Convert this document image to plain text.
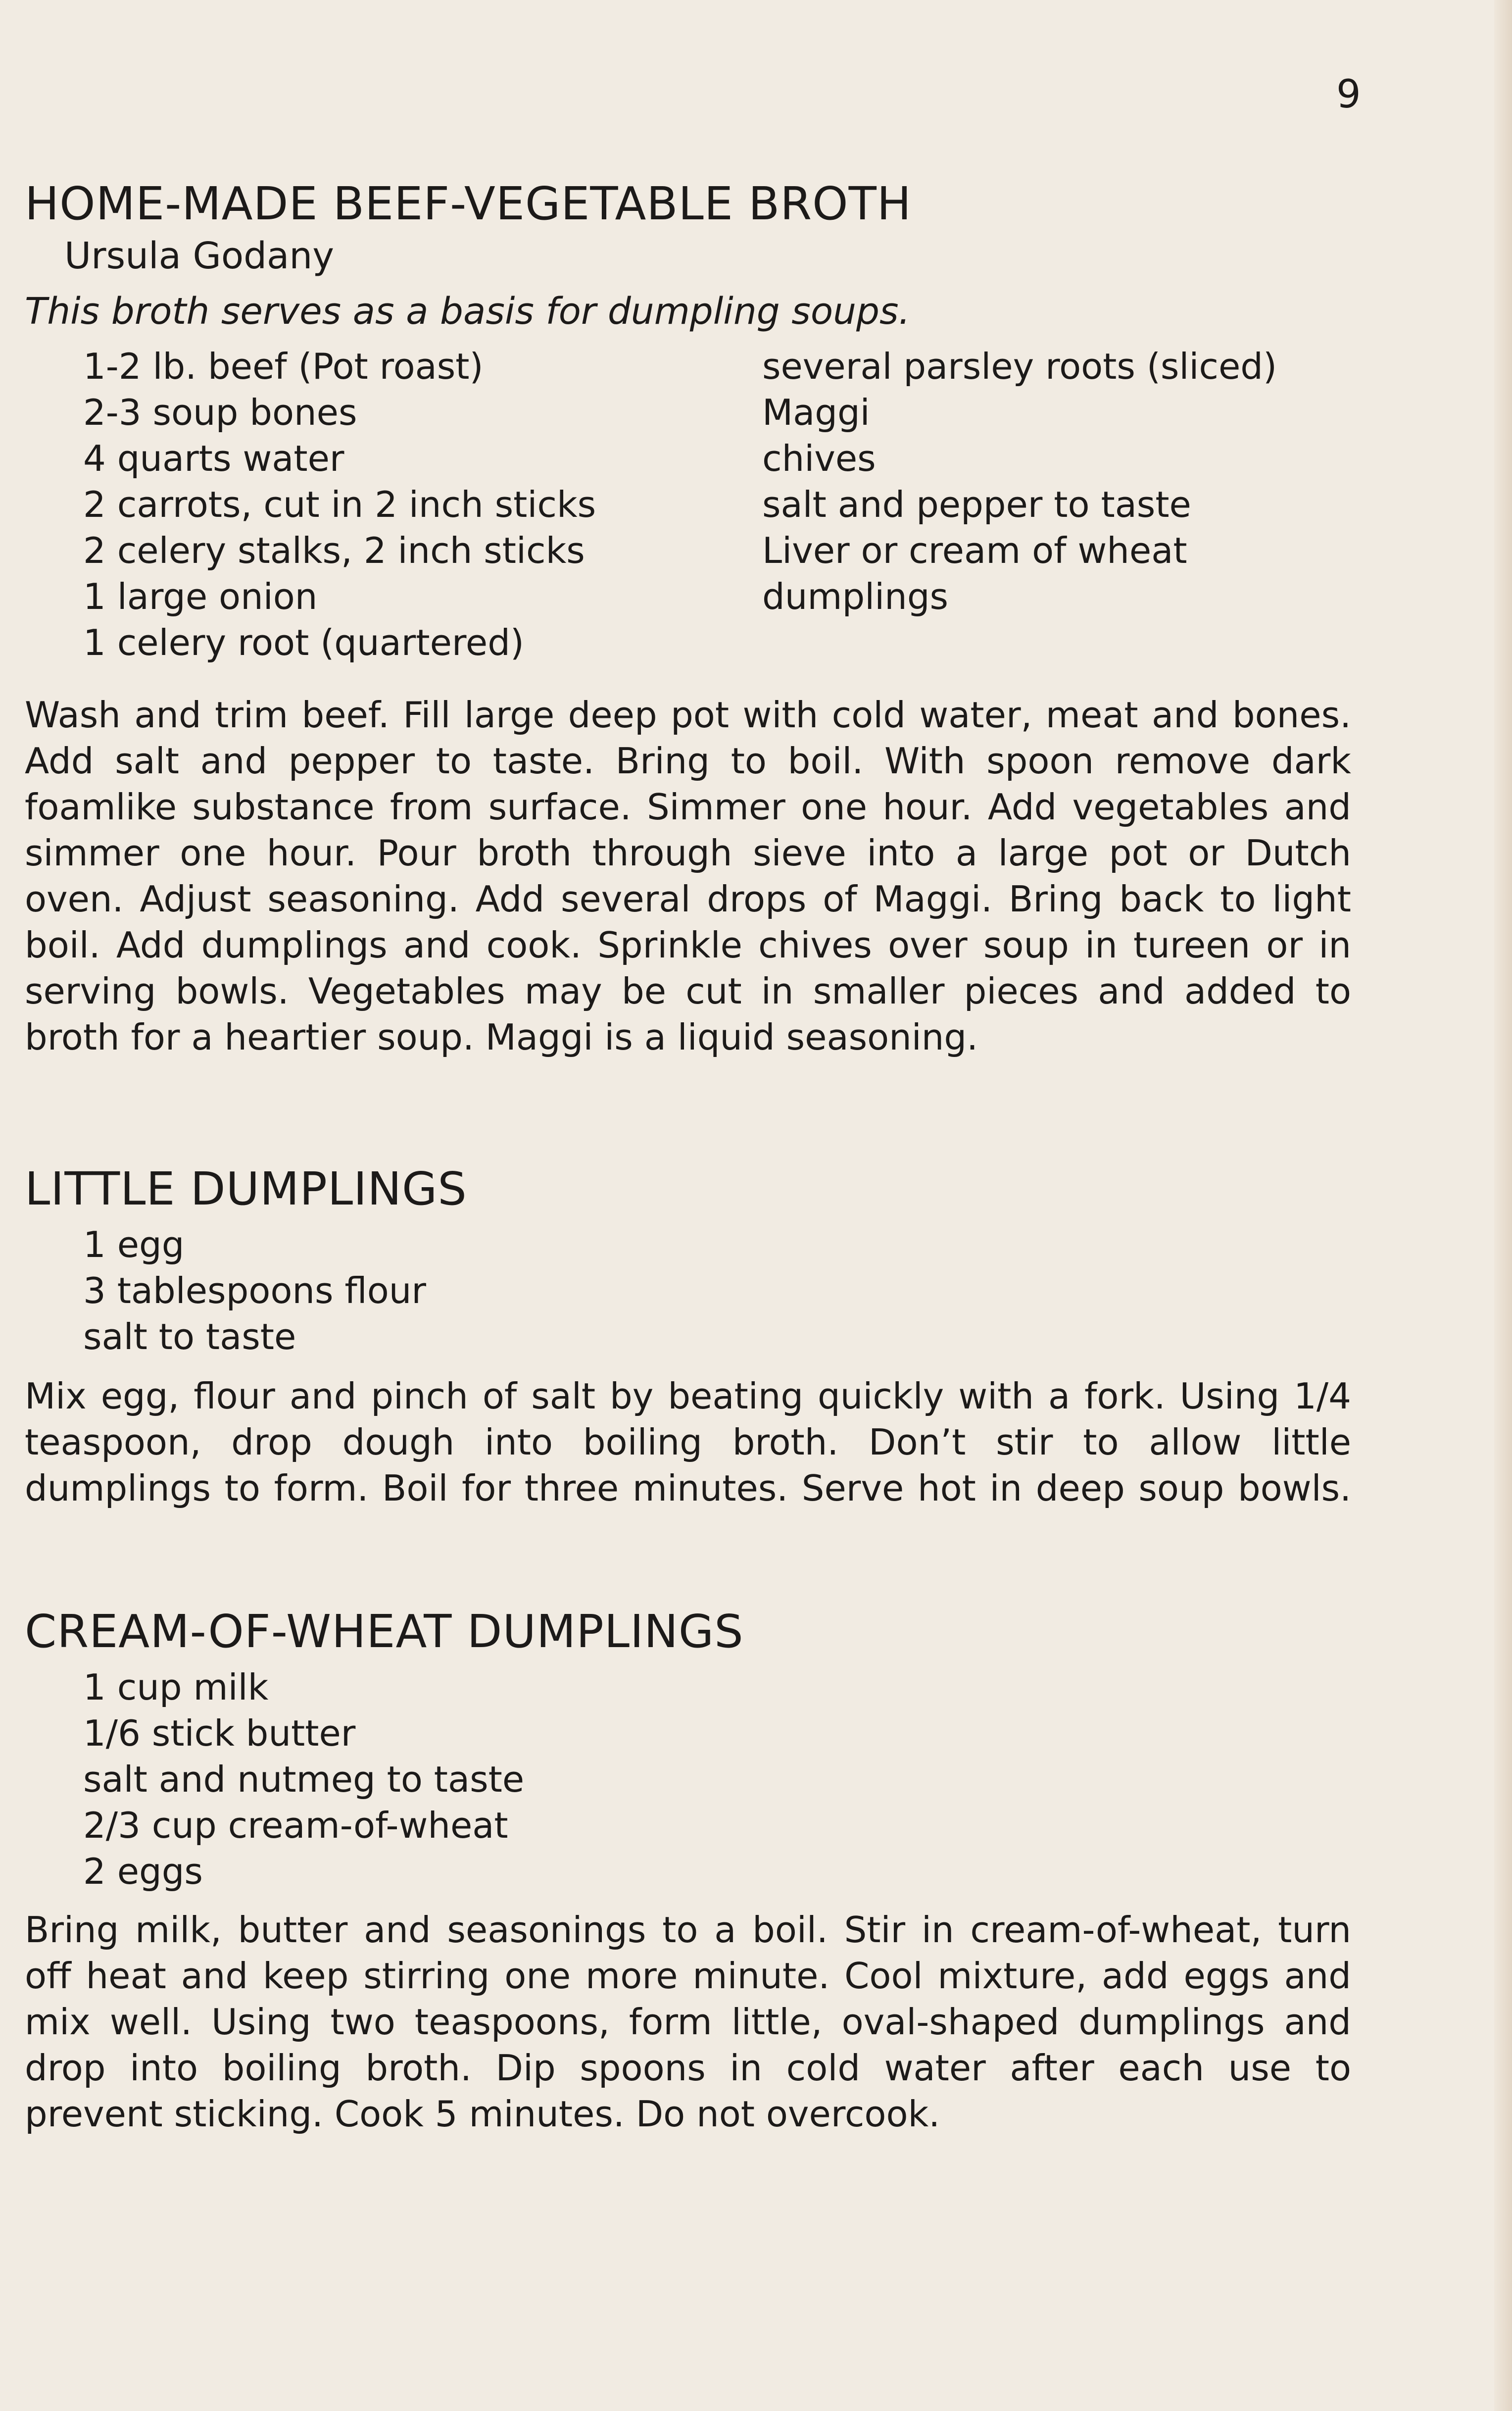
9
HOME-MADE BEEF-VEGETABLE BROTH
Ursula Godany
This broth serves as a basis for dumpling soups.
1-2 lb. beef (Pot roast)
2-3 soup bones
4 quarts water
2 carrots, cut in 2 inch sticks
2 celery stalks, 2 inch sticks
1 large onion
1 celery root (quartered)
several parsley roots (sliced)
Maggi
chives
salt and pepper to taste
Liver or cream of wheat
dumplings
Wash and trim beef. Fill large deep pot with cold water, meat and bones.
Add salt and pepper to taste. Bring to boil. With spoon remove dark
foamlike substance from surface. Simmer one hour. Add vegetables and
simmer one hour. Pour broth through sieve into a large pot or Dutch
oven. Adjust seasoning. Add several drops of Maggi. Bring back to light
boil. Add dumplings and cook. Sprinkle chives over soup in tureen or in
serving bowls. Vegetables may be cut in smaller pieces and added to
broth for a heartier soup. Maggi is a liquid seasoning.
LITTLE DUMPLINGS
1 egg
3 tablespoons flour
salt to taste
Mix egg, flour and pinch of salt by beating quickly with a fork. Using 1/4
teaspoon, drop dough into boiling broth. Don’t stir to allow little
dumplings to form. Boil for three minutes. Serve hot in deep soup bowls.
CREAM-OF-WHEAT DUMPLINGS
1 cup milk
1/6 stick butter
salt and nutmeg to taste
2/3 cup cream-of-wheat
2 eggs
Bring milk, butter and seasonings to a boil. Stir in cream-of-wheat, turn
off heat and keep stirring one more minute. Cool mixture, add eggs and
mix well. Using two teaspoons, form little, oval-shaped dumplings and
drop into boiling broth. Dip spoons in cold water after each use to
prevent sticking. Cook 5 minutes. Do not overcook.
